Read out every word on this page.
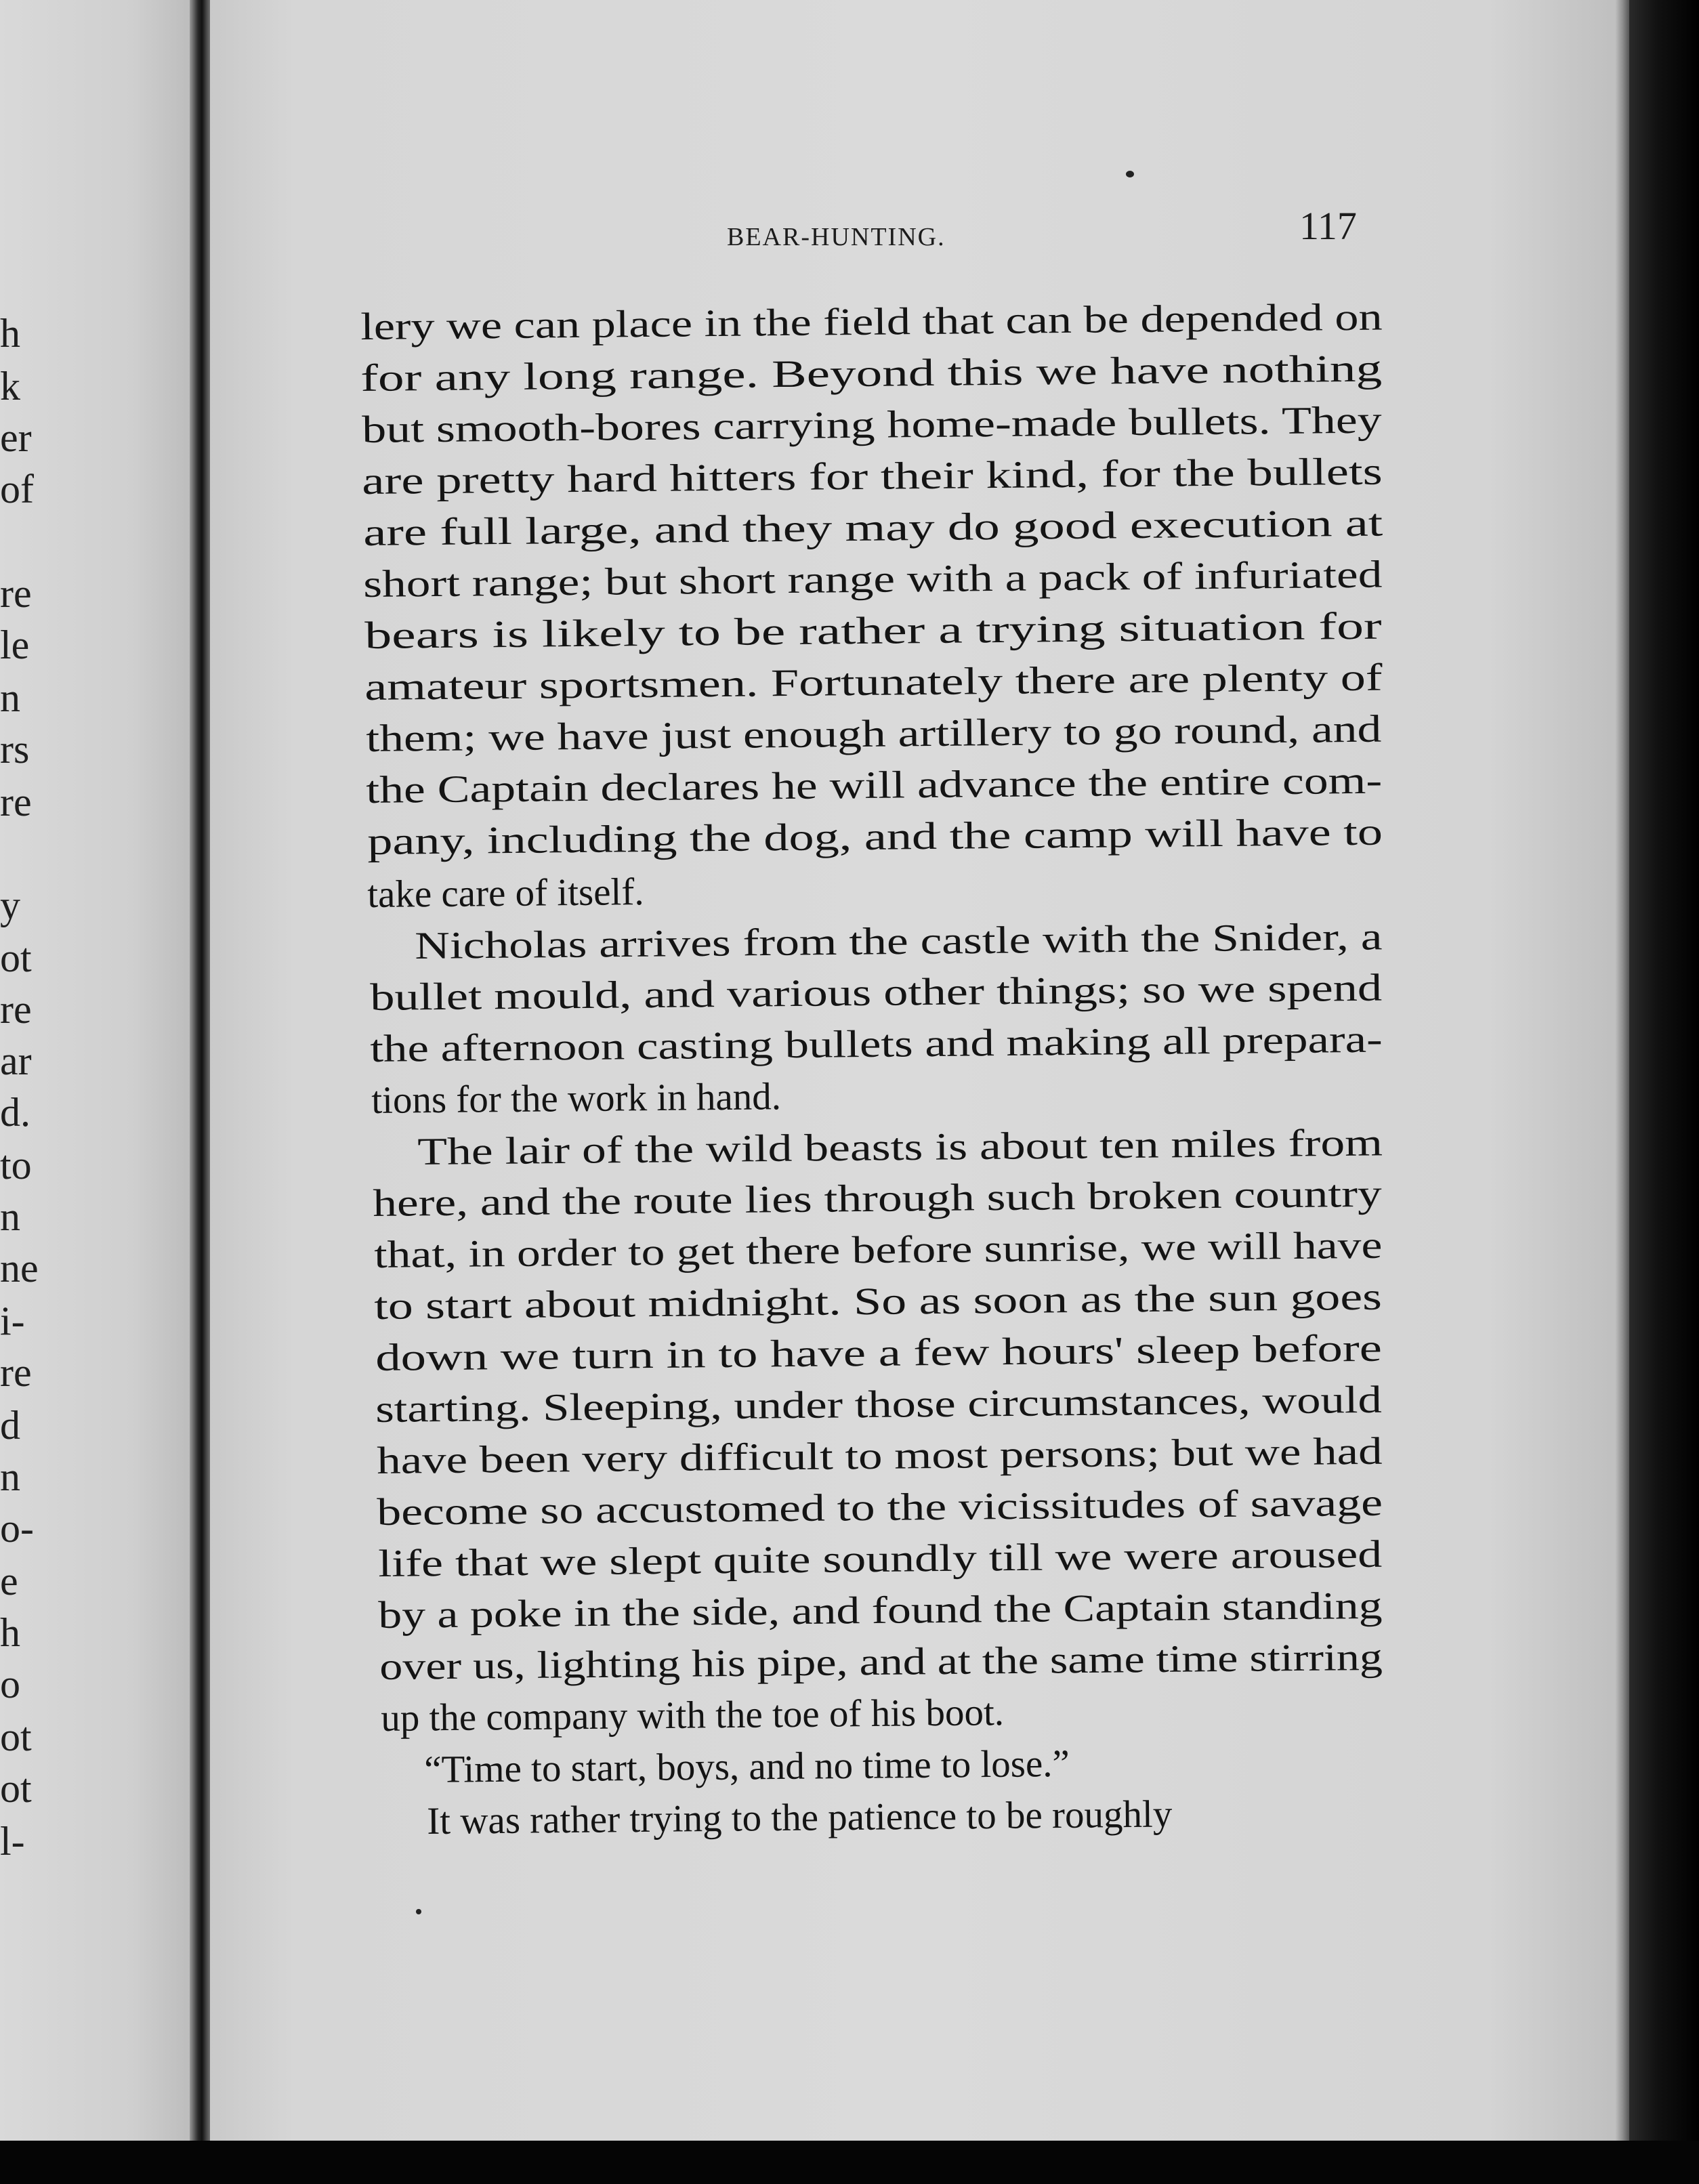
h
k
er
of
re
le
n
rs
re
y
ot
re
ar
d.
to
n
ne
i-
re
d
n
o-
e
h
o
ot
ot
l-
BEAR-HUNTING.	117
lery we can place in the field that can be depended on
for any long range. Beyond this we have nothing
but smooth-bores carrying home-made bullets. They
are pretty hard hitters for their kind, for the bullets
are full large, and they may do good execution at
short range; but short range with a pack of infuriated
bears is likely to be rather a trying situation for
amateur sportsmen. Fortunately there are plenty of
them; we have just enough artillery to go round, and
the Captain declares he will advance the entire com-
pany, including the dog, and the camp will have to
take care of itself.
Nicholas arrives from the castle with the Snider, a
bullet mould, and various other things; so we spend
the afternoon casting bullets and making all prepara-
tions for the work in hand.
The lair of the wild beasts is about ten miles from
here, and the route lies through such broken country
that, in order to get there before sunrise, we will have
to start about midnight. So as soon as the sun goes
down we turn in to have a few hours' sleep before
starting. Sleeping, under those circumstances, would
have been very difficult to most persons; but we had
become so accustomed to the vicissitudes of savage
life that we slept quite soundly till we were aroused
by a poke in the side, and found the Captain standing
over us, lighting his pipe, and at the same time stirring
up the company with the toe of his boot.
“Time to start, boys, and no time to lose.”
It was rather trying to the patience to be roughly
